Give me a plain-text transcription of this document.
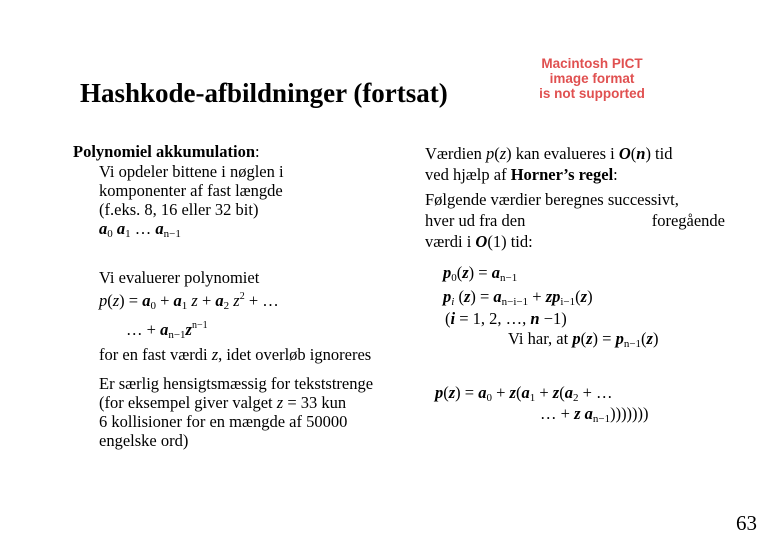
Hashkode-afbildninger (fortsat)
Macintosh PICT
image format
is not supported
Polynomiel akkumulation:
Vi opdeler bittene i nøglen i
komponenter af fast længde
(f.eks. 8, 16 eller 32 bit)
$a_0$ $a_1$ … $a_{n-1}$
Vi evaluerer polynomiet
$p(z) = a_0 + a_1$ $z + a_2$ $z^2$ + …
… + $a_{n-1}z^{n-1}$
for en fast værdi z, idet overløb ignoreres
Er særlig hensigtsmæssig for tekststrenge
(for eksempel giver valget z = 33 kun
6 kollisioner for en mængde af 50000
engelske ord)
Værdien p(z) kan evalueres i O(n) tid
ved hjælp af Horner’s regel:
Følgende værdier beregnes successivt,
hver ud fra den	foregående
værdi i O(1) tid:
$p_0(z) = a_{n-1}$
$p_i$ $(z) = a_{n-i-1} + zp_{i-1}(z)$
(i = 1, 2, …, n −1)
Vi har, at $p(z) = p_{n-1}(z)$
$p(z) = a_0 + z(a_1 + z(a_2$ + …
… + z $a_{n-1}$)))))))
63
